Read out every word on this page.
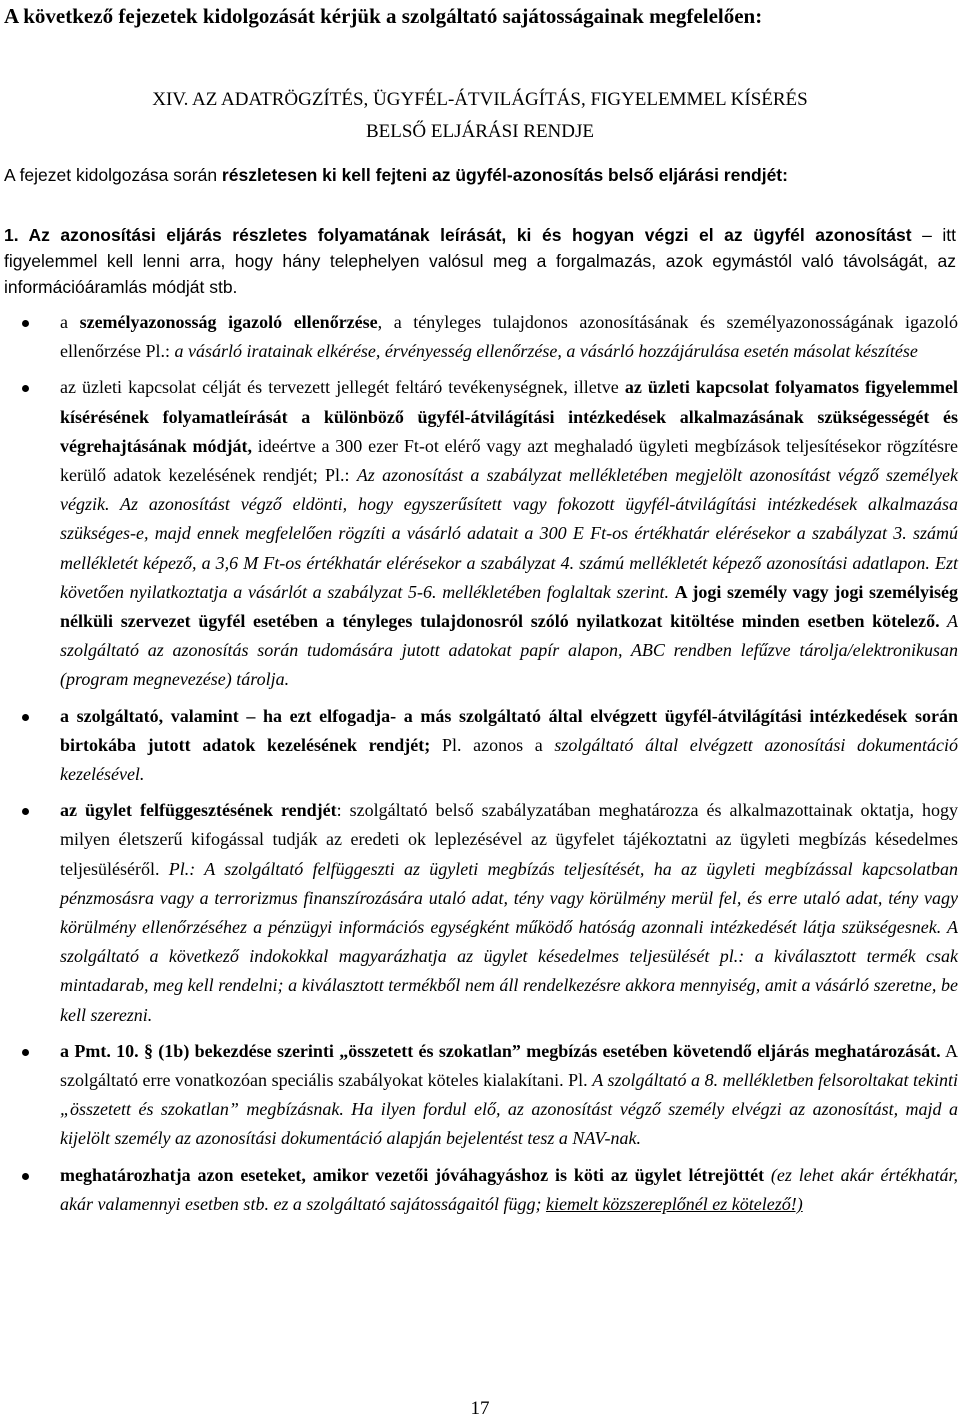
A következő fejezetek kidolgozását kérjük a szolgáltató sajátosságainak megfelelően:
XIV. AZ ADATRÖGZÍTÉS, ÜGYFÉL-ÁTVILÁGÍTÁS, FIGYELEMMEL KÍSÉRÉS
BELSŐ ELJÁRÁSI RENDJE
A fejezet kidolgozása során részletesen ki kell fejteni az ügyfél-azonosítás belső eljárási rendjét:
1. Az azonosítási eljárás részletes folyamatának leírását, ki és hogyan végzi el az ügyfél azonosítást – itt figyelemmel kell lenni arra, hogy hány telephelyen valósul meg a forgalmazás, azok egymástól való távolságát, az információáramlás módját stb.
a személyazonosság igazoló ellenőrzése, a tényleges tulajdonos azonosításának és személyazonosságának igazoló ellenőrzése Pl.: a vásárló iratainak elkérése, érvényesség ellenőrzése, a vásárló hozzájárulása esetén másolat készítése
az üzleti kapcsolat célját és tervezett jellegét feltáró tevékenységnek, illetve az üzleti kapcsolat folyamatos figyelemmel kísérésének folyamatleírását a különböző ügyfél-átvilágítási intézkedések alkalmazásának szükségességét és végrehajtásának módját, ideértve a 300 ezer Ft-ot elérő vagy azt meghaladó ügyleti megbízások teljesítésekor rögzítésre kerülő adatok kezelésének rendjét; Pl.: Az azonosítást a szabályzat mellékletében megjelölt azonosítást végző személyek végzik. Az azonosítást végző eldönti, hogy egyszerűsített vagy fokozott ügyfél-átvilágítási intézkedések alkalmazása szükséges-e, majd ennek megfelelően rögzíti a vásárló adatait a 300 E Ft-os értékhatár elérésekor a szabályzat 3. számú mellékletét képező, a 3,6 M Ft-os értékhatár elérésekor a szabályzat 4. számú mellékletét képező azonosítási adatlapon. Ezt követően nyilatkoztatja a vásárlót a szabályzat 5-6. mellékletében foglaltak szerint. A jogi személy vagy jogi személyiség nélküli szervezet ügyfél esetében a tényleges tulajdonosról szóló nyilatkozat kitöltése minden esetben kötelező. A szolgáltató az azonosítás során tudomására jutott adatokat papír alapon, ABC rendben lefűzve tárolja/elektronikusan (program megnevezése) tárolja.
a szolgáltató, valamint – ha ezt elfogadja- a más szolgáltató által elvégzett ügyfél-átvilágítási intézkedések során birtokába jutott adatok kezelésének rendjét; Pl. azonos a szolgáltató által elvégzett azonosítási dokumentáció kezelésével.
az ügylet felfüggesztésének rendjét: szolgáltató belső szabályzatában meghatározza és alkalmazottainak oktatja, hogy milyen életszerű kifogással tudják az eredeti ok leplezésével az ügyfelet tájékoztatni az ügyleti megbízás késedelmes teljesüléséről. Pl.: A szolgáltató felfüggeszti az ügyleti megbízás teljesítését, ha az ügyleti megbízással kapcsolatban pénzmosásra vagy a terrorizmus finanszírozására utaló adat, tény vagy körülmény merül fel, és erre utaló adat, tény vagy körülmény ellenőrzéséhez a pénzügyi információs egységként működő hatóság azonnali intézkedését látja szükségesnek. A szolgáltató a következő indokokkal magyarázhatja az ügylet késedelmes teljesülését pl.: a kiválasztott termék csak mintadarab, meg kell rendelni; a kiválasztott termékből nem áll rendelkezésre akkora mennyiség, amit a vásárló szeretne, be kell szerezni.
a Pmt. 10. § (1b) bekezdése szerinti „összetett és szokatlan” megbízás esetében követendő eljárás meghatározását. A szolgáltató erre vonatkozóan speciális szabályokat köteles kialakítani. Pl. A szolgáltató a 8. mellékletben felsoroltakat tekinti „összetett és szokatlan” megbízásnak. Ha ilyen fordul elő, az azonosítást végző személy elvégzi az azonosítást, majd a kijelölt személy az azonosítási dokumentáció alapján bejelentést tesz a NAV-nak.
meghatározhatja azon eseteket, amikor vezetői jóváhagyáshoz is köti az ügylet létrejöttét (ez lehet akár értékhatár, akár valamennyi esetben stb. ez a szolgáltató sajátosságaitól függ; kiemelt közszereplőnél ez kötelező!)
17
